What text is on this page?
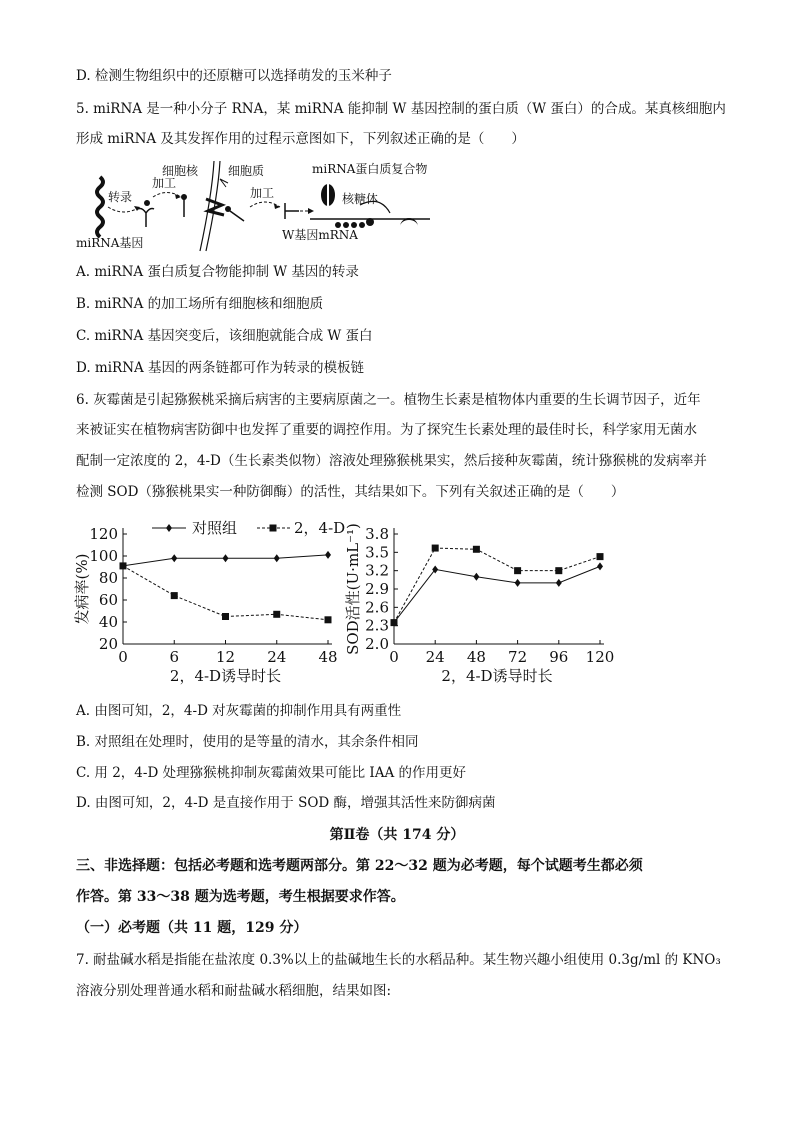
D. 检测生物组织中的还原糖可以选择萌发的玉米种子
5. miRNA 是一种小分子 RNA，某 miRNA 能抑制 W 基因控制的蛋白质（W 蛋白）的合成。某真核细胞内
形成 miRNA 及其发挥作用的过程示意图如下，下列叙述正确的是（　　）
miRNA基因
转录
加工
细胞核 细胞质
加工
miRNA蛋白质复合物
核糖体
W基因mRNA
A. miRNA 蛋白质复合物能抑制 W 基因的转录
B. miRNA 的加工场所有细胞核和细胞质
C. miRNA 基因突变后，该细胞就能合成 W 蛋白
D. miRNA 基因的两条链都可作为转录的模板链
6. 灰霉菌是引起猕猴桃采摘后病害的主要病原菌之一。植物生长素是植物体内重要的生长调节因子，近年
来被证实在植物病害防御中也发挥了重要的调控作用。为了探究生长素处理的最佳时长，科学家用无菌水
配制一定浓度的 2，4-D（生长素类似物）溶液处理猕猴桃果实，然后接种灰霉菌，统计猕猴桃的发病率并
检测 SOD（猕猴桃果实一种防御酶）的活性，其结果如下。下列有关叙述正确的是（　　）
20
40
60
80
100
120
0	6 12 24 48
2，4-D诱导时长
发病率(%)
对照组	2，4-D
2.0
2.3
2.6
2.9
3.2
3.5
3.8
0 24 48 72 96 120
2，4-D诱导时长
SOD活性(U·mL⁻¹)
A. 由图可知，2，4-D 对灰霉菌的抑制作用具有两重性
B. 对照组在处理时，使用的是等量的清水，其余条件相同
C. 用 2，4-D 处理猕猴桃抑制灰霉菌效果可能比 IAA 的作用更好
D. 由图可知，2，4-D 是直接作用于 SOD 酶，增强其活性来防御病菌
第Ⅱ卷（共 174 分）
三、非选择题：包括必考题和选考题两部分。第 22～32 题为必考题，每个试题考生都必须
作答。第 33～38 题为选考题，考生根据要求作答。
（一）必考题（共 11 题，129 分）
7. 耐盐碱水稻是指能在盐浓度 0.3%以上的盐碱地生长的水稻品种。某生物兴趣小组使用 0.3g/ml 的 KNO₃
溶液分别处理普通水稻和耐盐碱水稻细胞，结果如图:
